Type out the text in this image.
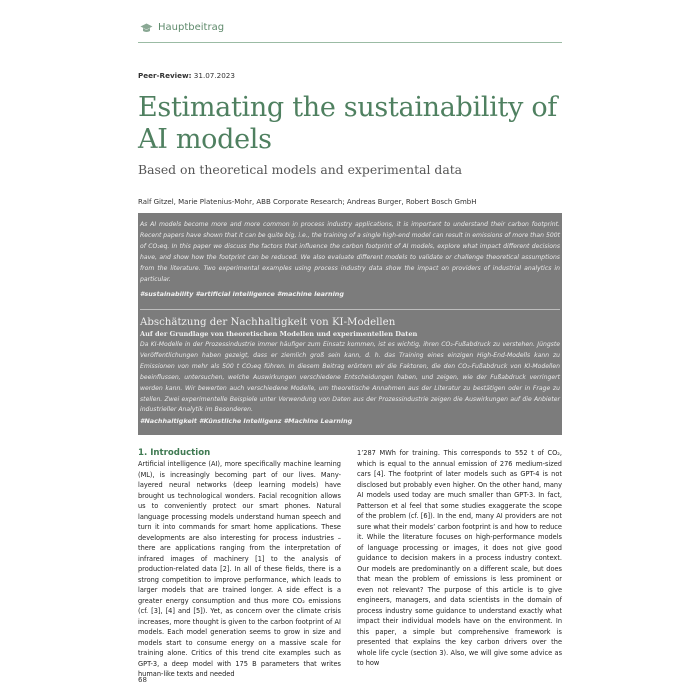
Hauptbeitrag
Peer-Review: 31.07.2023
Estimating the sustainability of AI models
Based on theoretical models and experimental data
Ralf Gitzel, Marie Platenius-Mohr, ABB Corporate Research; Andreas Burger, Robert Bosch GmbH
As AI models become more and more common in process industry applications, it is important to understand their carbon footprint. Recent papers have shown that it can be quite big, i.e., the training of a single high-end model can result in emissions of more than 500t of CO₂eq. In this paper we discuss the factors that influence the carbon footprint of AI models, explore what impact different decisions have, and show how the footprint can be reduced. We also evaluate different models to validate or challenge theoretical assumptions from the literature. Two experimental examples using process industry data show the impact on providers of industrial analytics in particular.
#sustainability #artificial intelligence #machine learning
Abschätzung der Nachhaltigkeit von KI-Modellen
Auf der Grundlage von theoretischen Modellen und experimentellen Daten
Da KI-Modelle in der Prozessindustrie immer häufiger zum Einsatz kommen, ist es wichtig, ihren CO₂-Fußabdruck zu verstehen. Jüngste Veröffentlichungen haben gezeigt, dass er ziemlich groß sein kann, d. h. das Training eines einzigen High-End-Modells kann zu Emissionen von mehr als 500 t CO₂eq führen. In diesem Beitrag erörtern wir die Faktoren, die den CO₂-Fußabdruck von KI-Modellen beeinflussen, untersuchen, welche Auswirkungen verschiedene Entscheidungen haben, und zeigen, wie der Fußabdruck verringert werden kann. Wir bewerten auch verschiedene Modelle, um theoretische Annahmen aus der Literatur zu bestätigen oder in Frage zu stellen. Zwei experimentelle Beispiele unter Verwendung von Daten aus der Prozessindustrie zeigen die Auswirkungen auf die Anbieter industrieller Analytik im Besonderen.
#Nachhaltigkeit #Künstliche Intelligenz #Machine Learning
1. Introduction
Artificial intelligence (AI), more specifically machine learning (ML), is increasingly becoming part of our lives. Many-layered neural networks (deep learning models) have brought us technological wonders. Facial recognition allows us to conveniently protect our smart phones. Natural language processing models understand human speech and turn it into commands for smart home applications. These developments are also interesting for process industries – there are applications ranging from the interpretation of infrared images of machinery [1] to the analysis of production-related data [2]. In all of these fields, there is a strong competition to improve performance, which leads to larger models that are trained longer. A side effect is a greater energy consumption and thus more CO₂ emissions (cf. [3], [4] and [5]). Yet, as concern over the climate crisis increases, more thought is given to the carbon footprint of AI models. Each model generation seems to grow in size and models start to consume energy on a massive scale for training alone. Critics of this trend cite examples such as GPT-3, a deep model with 175 B parameters that writes human-like texts and needed
1’287 MWh for training. This corresponds to 552 t of CO₂, which is equal to the annual emission of 276 medium-sized cars [4]. The footprint of later models such as GPT-4 is not disclosed but probably even higher. On the other hand, many AI models used today are much smaller than GPT-3. In fact, Patterson et al feel that some studies exaggerate the scope of the problem (cf. [6]). In the end, many AI providers are not sure what their models’ carbon footprint is and how to reduce it. While the literature focuses on high-performance models of language processing or images, it does not give good guidance to decision makers in a process industry context. Our models are predominantly on a different scale, but does that mean the problem of emissions is less prominent or even not relevant? The purpose of this article is to give engineers, managers, and data scientists in the domain of process industry some guidance to understand exactly what impact their individual models have on the environment. In this paper, a simple but comprehensive framework is presented that explains the key carbon drivers over the whole life cycle (section 3). Also, we will give some advice as to how
68
